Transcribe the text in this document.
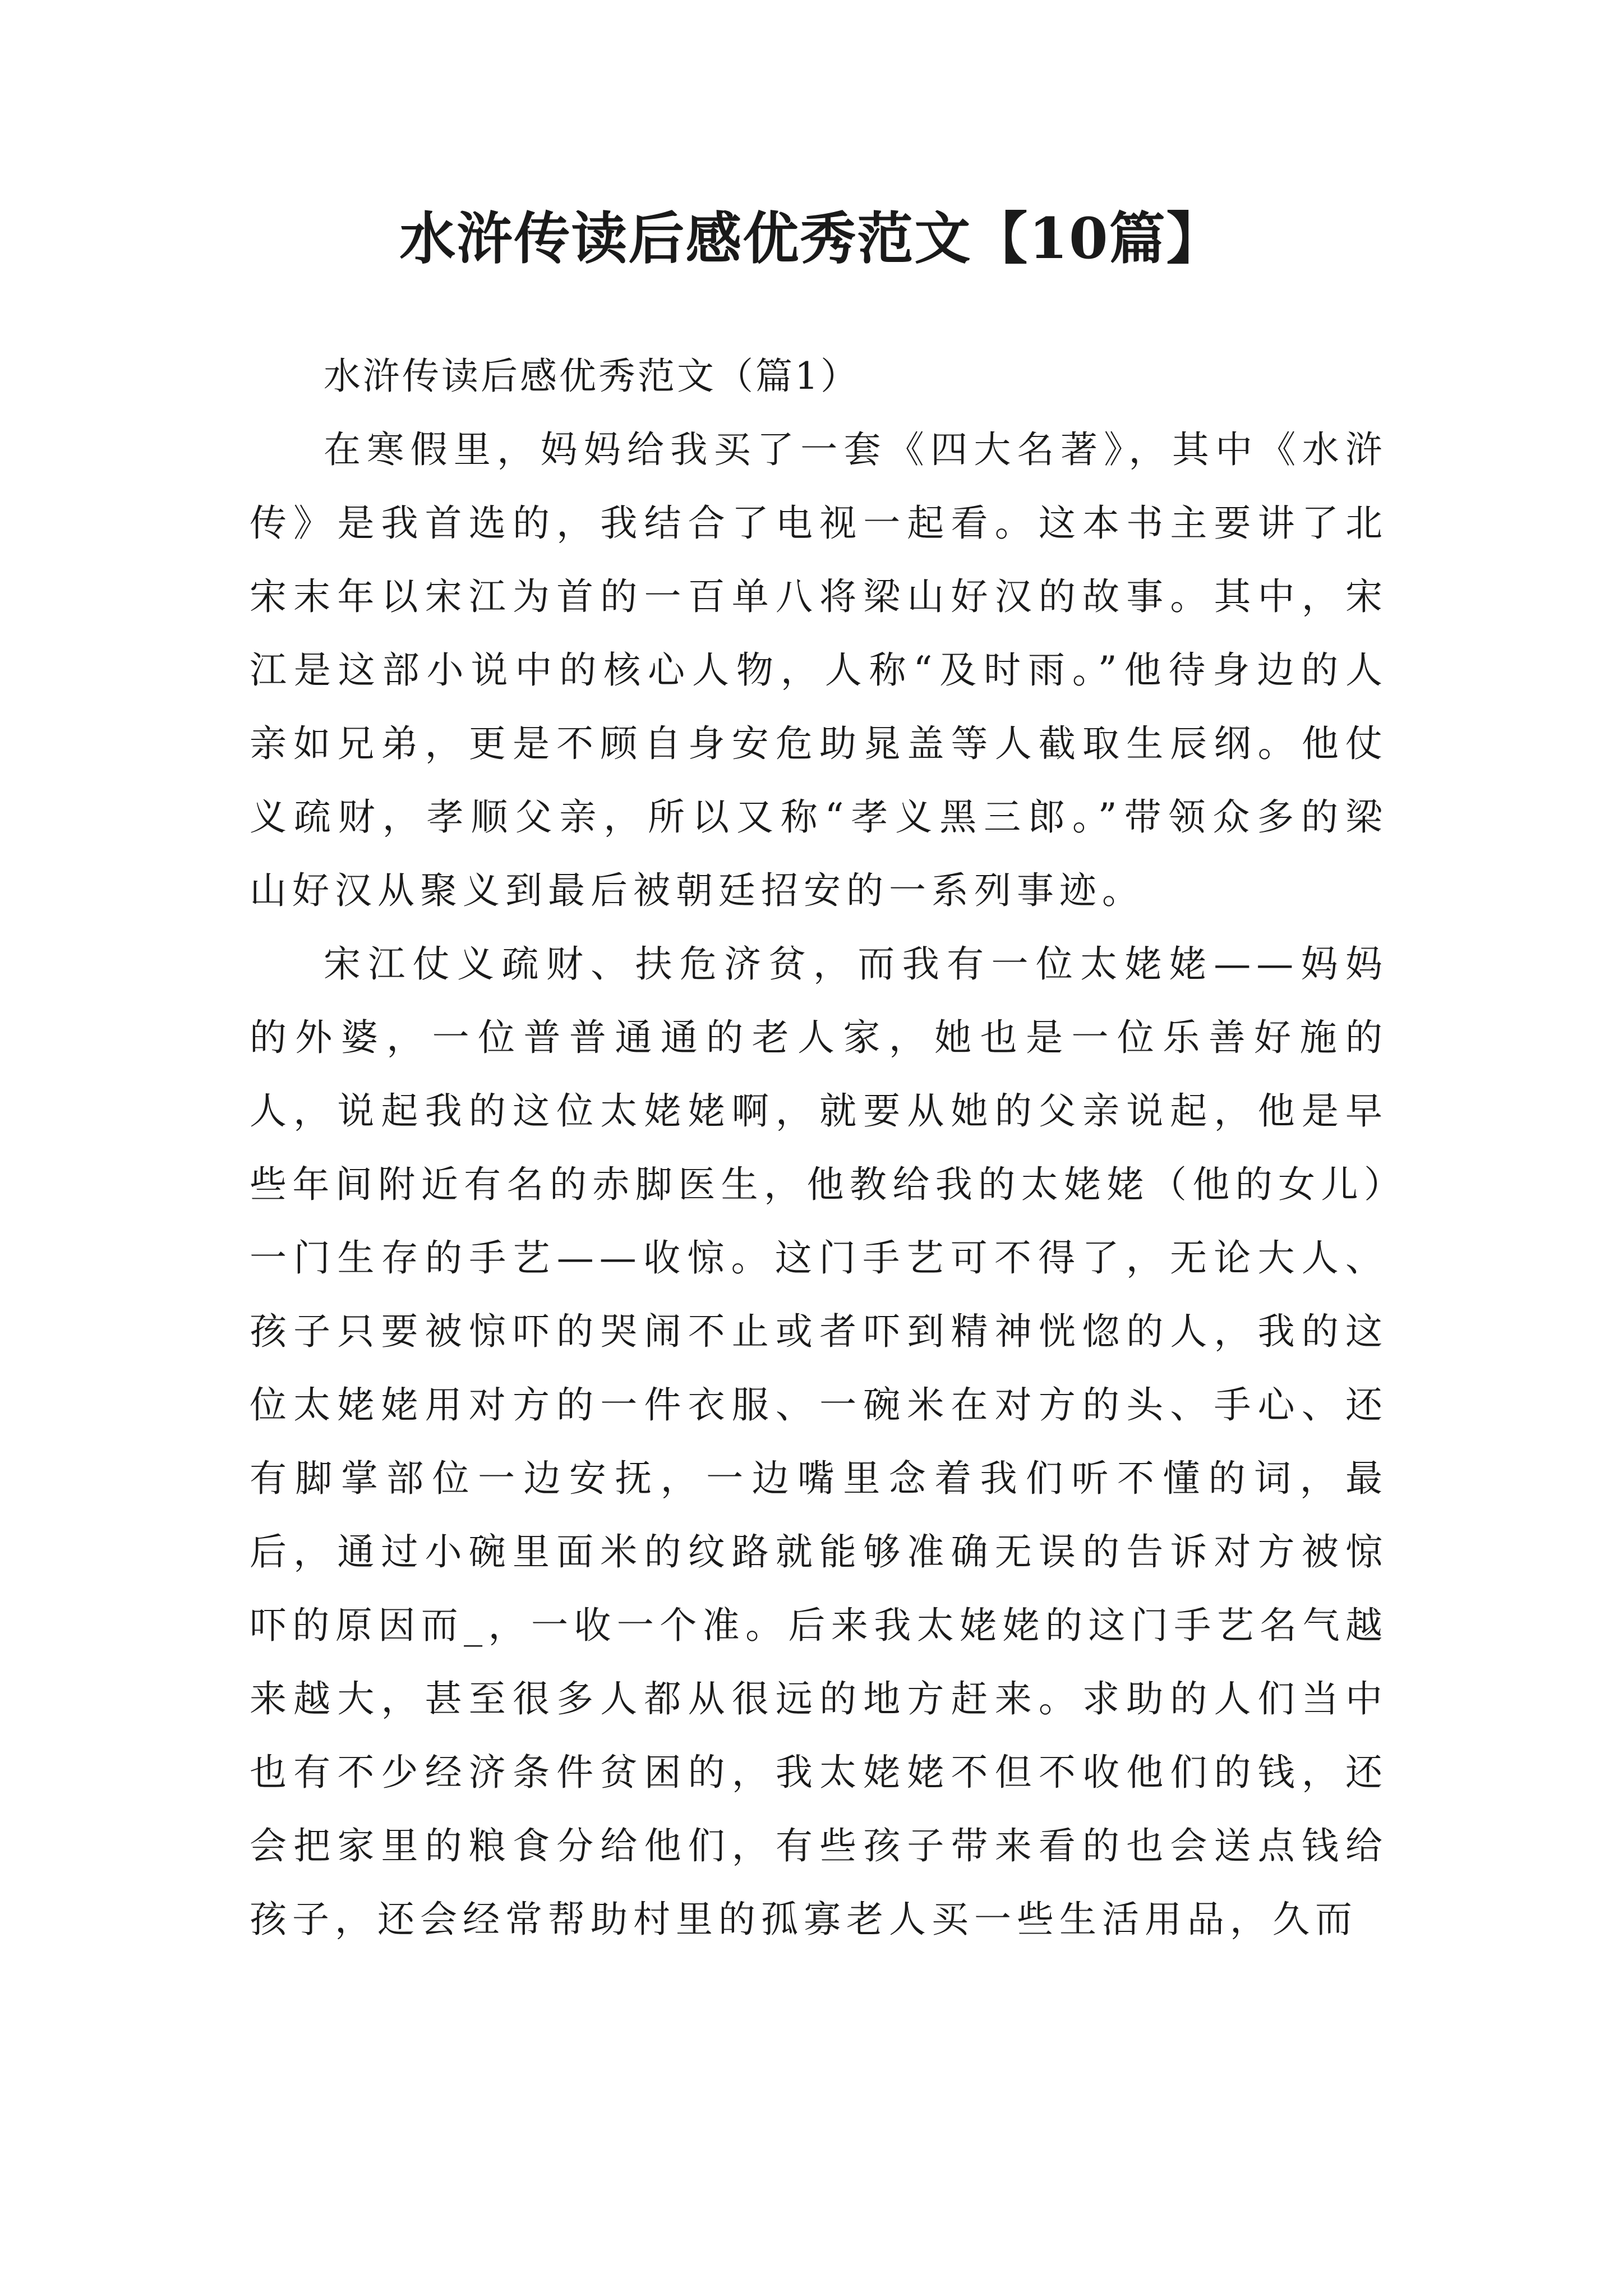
水浒传读后感优秀范文【10篇】

水浒传读后感优秀范文（篇1）

在寒假里，妈妈给我买了一套《四大名著》，其中《水浒传》是我首选的，我结合了电视一起看。这本书主要讲了北宋末年以宋江为首的一百单八将梁山好汉的故事。其中，宋江是这部小说中的核心人物，人称“及时雨。”他待身边的人亲如兄弟，更是不顾自身安危助晁盖等人截取生辰纲。他仗义疏财，孝顺父亲，所以又称“孝义黑三郎。”带领众多的梁山好汉从聚义到最后被朝廷招安的一系列事迹。

宋江仗义疏财、扶危济贫，而我有一位太姥姥——妈妈的外婆，一位普普通通的老人家，她也是一位乐善好施的人，说起我的这位太姥姥啊，就要从她的父亲说起，他是早些年间附近有名的赤脚医生，他教给我的太姥姥（他的女儿）一门生存的手艺——收惊。这门手艺可不得了，无论大人、孩子只要被惊吓的哭闹不止或者吓到精神恍惚的人，我的这位太姥姥用对方的一件衣服、一碗米在对方的头、手心、还有脚掌部位一边安抚，一边嘴里念着我们听不懂的词，最后，通过小碗里面米的纹路就能够准确无误的告诉对方被惊吓的原因而_，一收一个准。后来我太姥姥的这门手艺名气越来越大，甚至很多人都从很远的地方赶来。求助的人们当中也有不少经济条件贫困的，我太姥姥不但不收他们的钱，还会把家里的粮食分给他们，有些孩子带来看的也会送点钱给孩子，还会经常帮助村里的孤寡老人买一些生活用品，久而
